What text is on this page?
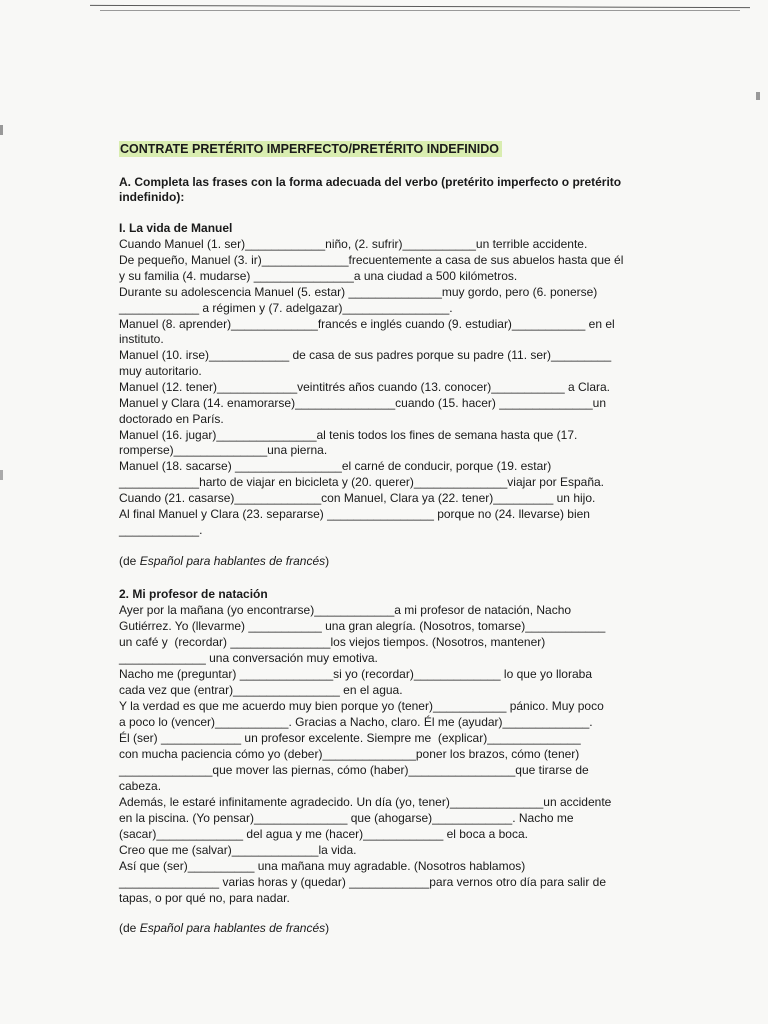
CONTRATE PRETÉRITO IMPERFECTO/PRETÉRITO INDEFINIDO
A. Completa las frases con la forma adecuada del verbo (pretérito imperfecto o pretérito
indefinido):
I. La vida de Manuel
Cuando Manuel (1. ser)____________niño, (2. sufrir)___________un terrible accidente.
De pequeño, Manuel (3. ir)_____________frecuentemente a casa de sus abuelos hasta que él
y su familia (4. mudarse) _______________a una ciudad a 500 kilómetros.
Durante su adolescencia Manuel (5. estar) ______________muy gordo, pero (6. ponerse)
____________ a régimen y (7. adelgazar)________________.
Manuel (8. aprender)_____________francés e inglés cuando (9. estudiar)___________ en el
instituto.
Manuel (10. irse)____________ de casa de sus padres porque su padre (11. ser)_________
muy autoritario.
Manuel (12. tener)____________veintitrés años cuando (13. conocer)___________ a Clara.
Manuel y Clara (14. enamorarse)_______________cuando (15. hacer) ______________un
doctorado en París.
Manuel (16. jugar)_______________al tenis todos los fines de semana hasta que (17.
romperse)______________una pierna.
Manuel (18. sacarse) ________________el carné de conducir, porque (19. estar)
____________harto de viajar en bicicleta y (20. querer)______________viajar por España.
Cuando (21. casarse)_____________con Manuel, Clara ya (22. tener)_________ un hijo.
Al final Manuel y Clara (23. separarse) ________________ porque no (24. llevarse) bien
____________.
(de Español para hablantes de francés)
2. Mi profesor de natación
Ayer por la mañana (yo encontrarse)____________a mi profesor de natación, Nacho
Gutiérrez. Yo (llevarme) ___________ una gran alegría. (Nosotros, tomarse)____________
un café y  (recordar) _______________los viejos tiempos. (Nosotros, mantener)
_____________ una conversación muy emotiva.
Nacho me (preguntar) ______________si yo (recordar)_____________ lo que yo lloraba
cada vez que (entrar)________________ en el agua.
Y la verdad es que me acuerdo muy bien porque yo (tener)___________ pánico. Muy poco
a poco lo (vencer)___________. Gracias a Nacho, claro. Él me (ayudar)_____________.
Él (ser) ____________ un profesor excelente. Siempre me  (explicar)______________
con mucha paciencia cómo yo (deber)______________poner los brazos, cómo (tener)
______________que mover las piernas, cómo (haber)________________que tirarse de
cabeza.
Además, le estaré infinitamente agradecido. Un día (yo, tener)______________un accidente
en la piscina. (Yo pensar)______________ que (ahogarse)____________. Nacho me
(sacar)_____________ del agua y me (hacer)____________ el boca a boca.
Creo que me (salvar)_____________la vida.
Así que (ser)__________ una mañana muy agradable. (Nosotros hablamos)
_______________ varias horas y (quedar) ____________para vernos otro día para salir de
tapas, o por qué no, para nadar.
(de Español para hablantes de francés)
